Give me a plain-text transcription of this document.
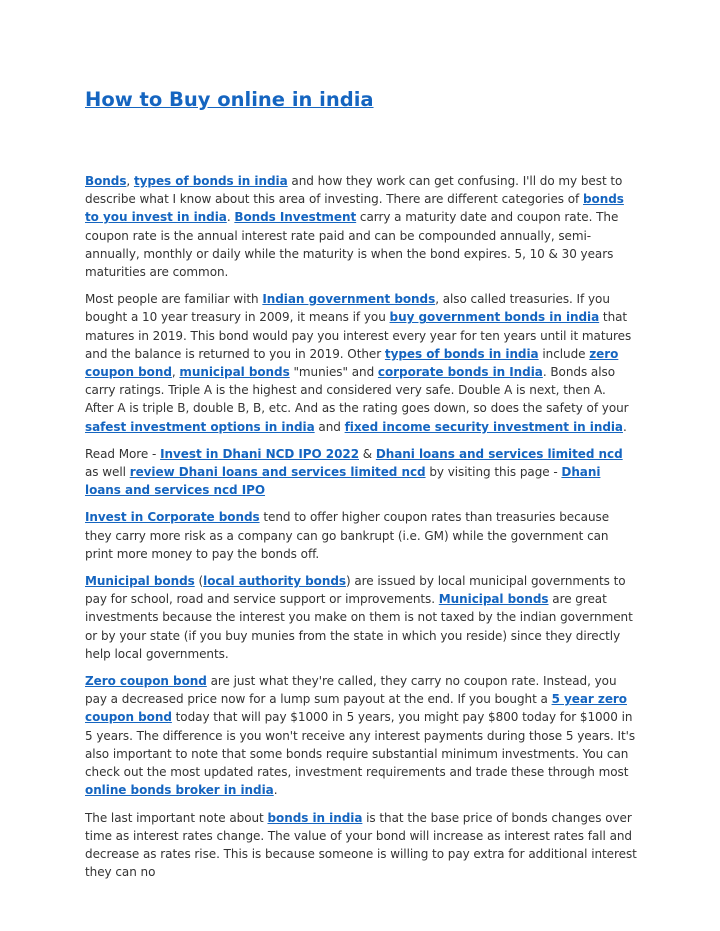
How to Buy online in india

Bonds, types of bonds in india and how they work can get confusing. I'll do my best to describe what I know about this area of investing. There are different categories of bonds to you invest in india. Bonds Investment carry a maturity date and coupon rate. The coupon rate is the annual interest rate paid and can be compounded annually, semi-annually, monthly or daily while the maturity is when the bond expires. 5, 10 & 30 years maturities are common.

Most people are familiar with Indian government bonds, also called treasuries. If you bought a 10 year treasury in 2009, it means if you buy government bonds in india that matures in 2019. This bond would pay you interest every year for ten years until it matures and the balance is returned to you in 2019. Other types of bonds in india include zero coupon bond, municipal bonds "munies" and corporate bonds in India. Bonds also carry ratings. Triple A is the highest and considered very safe. Double A is next, then A. After A is triple B, double B, B, etc. And as the rating goes down, so does the safety of your safest investment options in india and fixed income security investment in india.

Read More - Invest in Dhani NCD IPO 2022 & Dhani loans and services limited ncd as well review Dhani loans and services limited ncd by visiting this page - Dhani loans and services ncd IPO

Invest in Corporate bonds tend to offer higher coupon rates than treasuries because they carry more risk as a company can go bankrupt (i.e. GM) while the government can print more money to pay the bonds off.

Municipal bonds (local authority bonds) are issued by local municipal governments to pay for school, road and service support or improvements. Municipal bonds are great investments because the interest you make on them is not taxed by the indian government or by your state (if you buy munies from the state in which you reside) since they directly help local governments.

Zero coupon bond are just what they're called, they carry no coupon rate. Instead, you pay a decreased price now for a lump sum payout at the end. If you bought a 5 year zero coupon bond today that will pay $1000 in 5 years, you might pay $800 today for $1000 in 5 years. The difference is you won't receive any interest payments during those 5 years. It's also important to note that some bonds require substantial minimum investments. You can check out the most updated rates, investment requirements and trade these through most online bonds broker in india.

The last important note about bonds in india is that the base price of bonds changes over time as interest rates change. The value of your bond will increase as interest rates fall and decrease as rates rise. This is because someone is willing to pay extra for additional interest they can no
